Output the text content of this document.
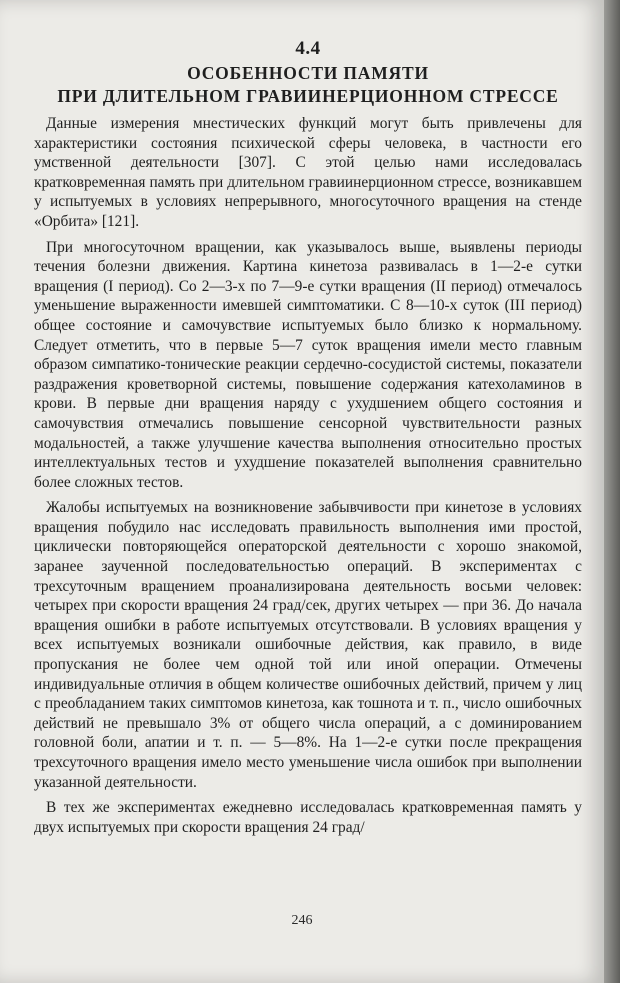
4.4
ОСОБЕННОСТИ ПАМЯТИ
ПРИ ДЛИТЕЛЬНОМ ГРАВИИНЕРЦИОННОМ СТРЕССЕ

Данные измерения мнестических функций могут быть привлечены для характеристики состояния психической сферы человека, в частности его умственной деятельности [307]. С этой целью нами исследовалась кратковременная память при длительном гравиинерционном стрессе, возникавшем у испытуемых в условиях непрерывного, многосуточного вращения на стенде «Орбита» [121].

При многосуточном вращении, как указывалось выше, выявлены периоды течения болезни движения. Картина кинетоза развивалась в 1—2-е сутки вращения (I период). Со 2—3-х по 7—9-е сутки вращения (II период) отмечалось уменьшение выраженности имевшей симптоматики. С 8—10-х суток (III период) общее состояние и самочувствие испытуемых было близко к нормальному. Следует отметить, что в первые 5—7 суток вращения имели место главным образом симпатико-тонические реакции сердечно-сосудистой системы, показатели раздражения кроветворной системы, повышение содержания катехоламинов в крови. В первые дни вращения наряду с ухудшением общего состояния и самочувствия отмечались повышение сенсорной чувствительности разных модальностей, а также улучшение качества выполнения относительно простых интеллектуальных тестов и ухудшение показателей выполнения сравнительно более сложных тестов.

Жалобы испытуемых на возникновение забывчивости при кинетозе в условиях вращения побудило нас исследовать правильность выполнения ими простой, циклически повторяющейся операторской деятельности с хорошо знакомой, заранее заученной последовательностью операций. В экспериментах с трехсуточным вращением проанализирована деятельность восьми человек: четырех при скорости вращения 24 град/сек, других четырех — при 36. До начала вращения ошибки в работе испытуемых отсутствовали. В условиях вращения у всех испытуемых возникали ошибочные действия, как правило, в виде пропускания не более чем одной той или иной операции. Отмечены индивидуальные отличия в общем количестве ошибочных действий, причем у лиц с преобладанием таких симптомов кинетоза, как тошнота и т. п., число ошибочных действий не превышало 3% от общего числа операций, а с доминированием головной боли, апатии и т. п. — 5—8%. На 1—2-е сутки после прекращения трехсуточного вращения имело место уменьшение числа ошибок при выполнении указанной деятельности.

В тех же экспериментах ежедневно исследовалась кратковременная память у двух испытуемых при скорости вращения 24 град/

246
